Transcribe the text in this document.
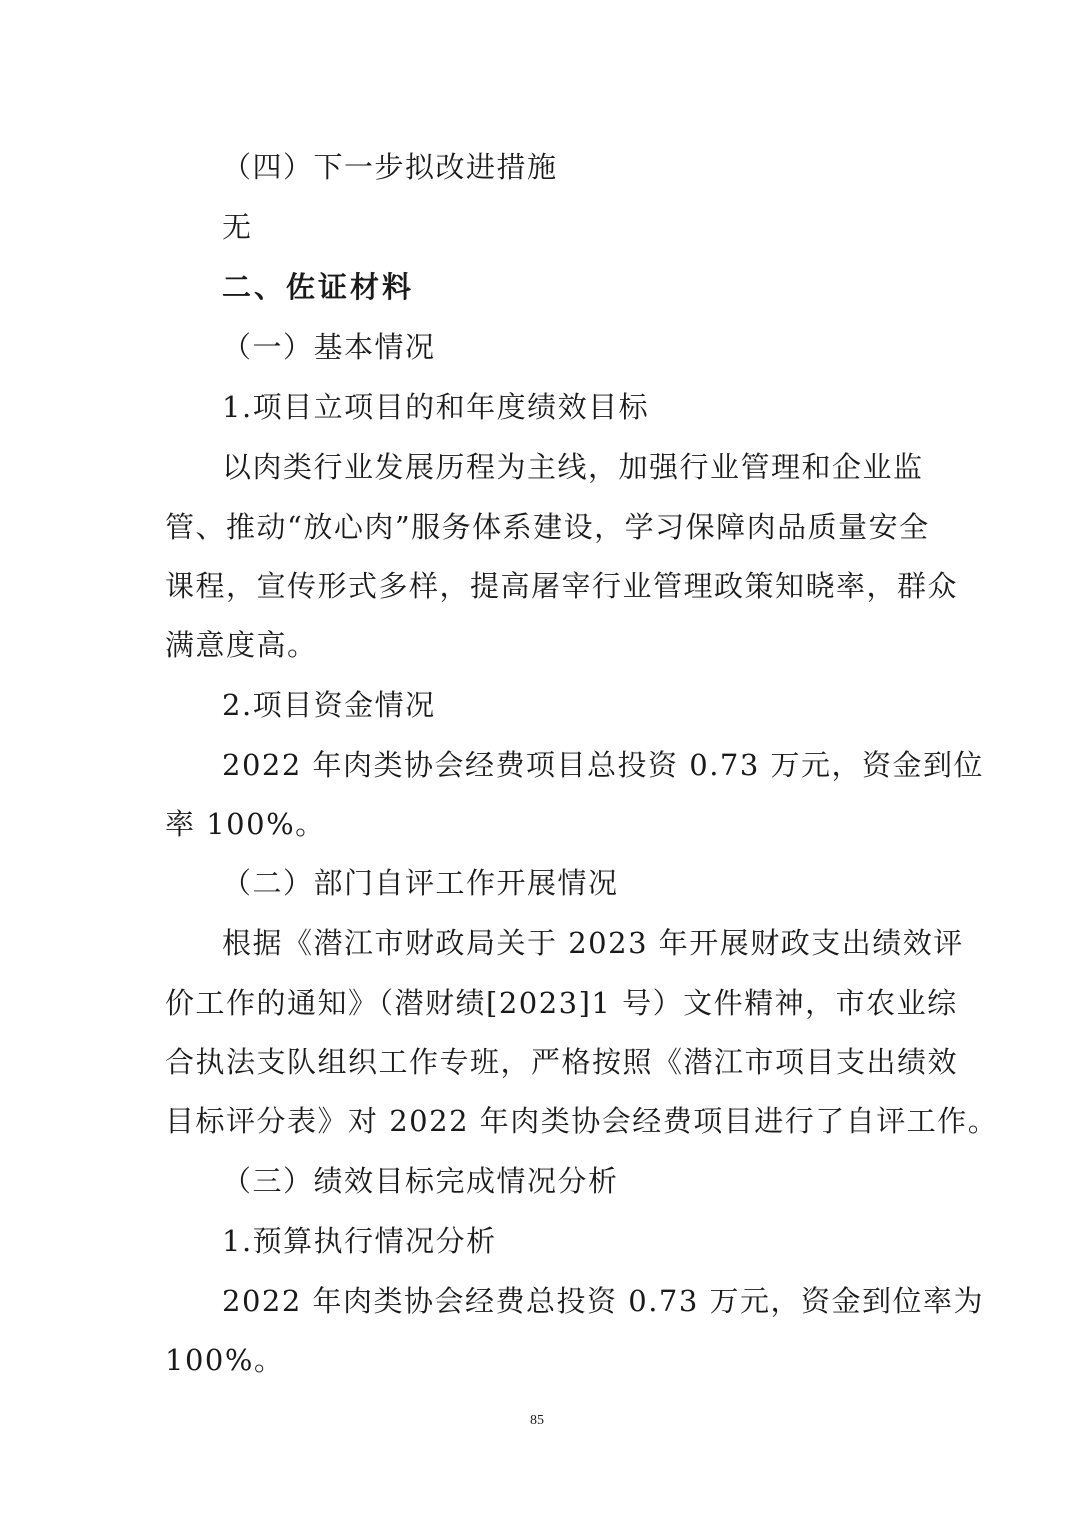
（四）下一步拟改进措施

无

二、佐证材料

（一）基本情况

1.项目立项目的和年度绩效目标

以肉类行业发展历程为主线，加强行业管理和企业监

管、推动“放心肉”服务体系建设，学习保障肉品质量安全

课程，宣传形式多样，提高屠宰行业管理政策知晓率，群众

满意度高。

2.项目资金情况

2022 年肉类协会经费项目总投资 0.73 万元，资金到位

率 100%。

（二）部门自评工作开展情况

根据《潜江市财政局关于 2023 年开展财政支出绩效评

价工作的通知》（潜财绩[2023]1 号）文件精神，市农业综

合执法支队组织工作专班，严格按照《潜江市项目支出绩效

目标评分表》对 2022 年肉类协会经费项目进行了自评工作。

（三）绩效目标完成情况分析

1.预算执行情况分析

2022 年肉类协会经费总投资 0.73 万元，资金到位率为

100%。

85
